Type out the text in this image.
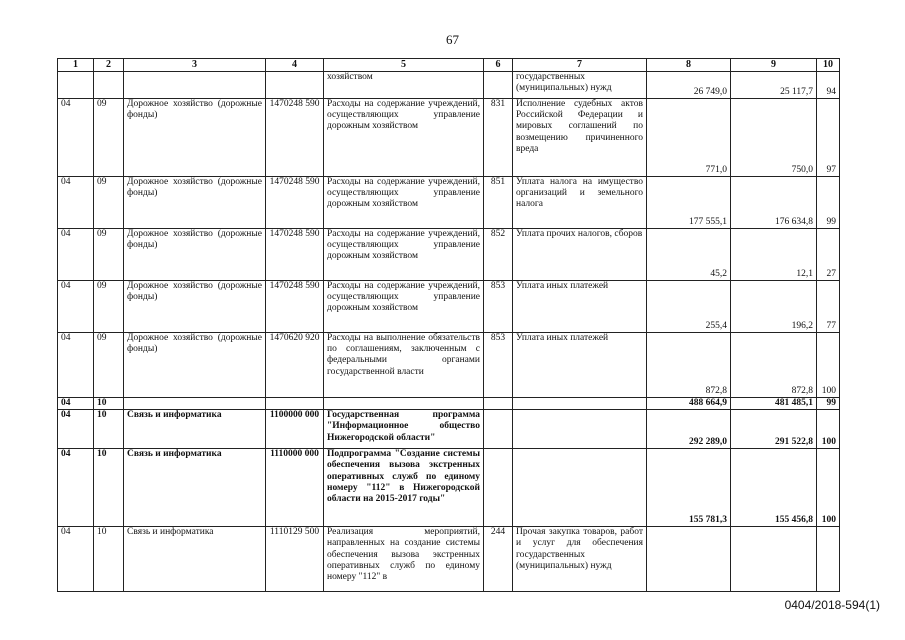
67
1	2	3	4	5	6	7	8	9	10
				хозяйством		государственных (муниципальных) нужд	26 749,0	25 117,7	94
04	09	Дорожное хозяйство (дорожные фонды)	1470248 590	Расходы на содержание учреждений, осуществляющих управление дорожным хозяйством	831	Исполнение судебных актов Российской Федерации и мировых соглашений по возмещению причиненного вреда	771,0	750,0	97
04	09	Дорожное хозяйство (дорожные фонды)	1470248 590	Расходы на содержание учреждений, осуществляющих управление дорожным хозяйством	851	Уплата налога на имущество организаций и земельного налога	177 555,1	176 634,8	99
04	09	Дорожное хозяйство (дорожные фонды)	1470248 590	Расходы на содержание учреждений, осуществляющих управление дорожным хозяйством	852	Уплата прочих налогов, сборов	45,2	12,1	27
04	09	Дорожное хозяйство (дорожные фонды)	1470248 590	Расходы на содержание учреждений, осуществляющих управление дорожным хозяйством	853	Уплата иных платежей	255,4	196,2	77
04	09	Дорожное хозяйство (дорожные фонды)	1470620 920	Расходы на выполнение обязательств по соглашениям, заключенным с федеральными органами государственной власти	853	Уплата иных платежей	872,8	872,8	100
04	10						488 664,9	481 485,1	99
04	10	Связь и информатика	1100000 000	Государственная программа "Информационное общество Нижегородской области"			292 289,0	291 522,8	100
04	10	Связь и информатика	1110000 000	Подпрограмма "Создание системы обеспечения вызова экстренных оперативных служб по единому номеру "112" в Нижегородской области на 2015-2017 годы"			155 781,3	155 456,8	100
04	10	Связь и информатика	1110129 500	Реализация мероприятий, направленных на создание системы обеспечения вызова экстренных оперативных служб по единому номеру "112" в	244	Прочая закупка товаров, работ и услуг для обеспечения государственных (муниципальных) нужд			
0404/2018-594(1)
